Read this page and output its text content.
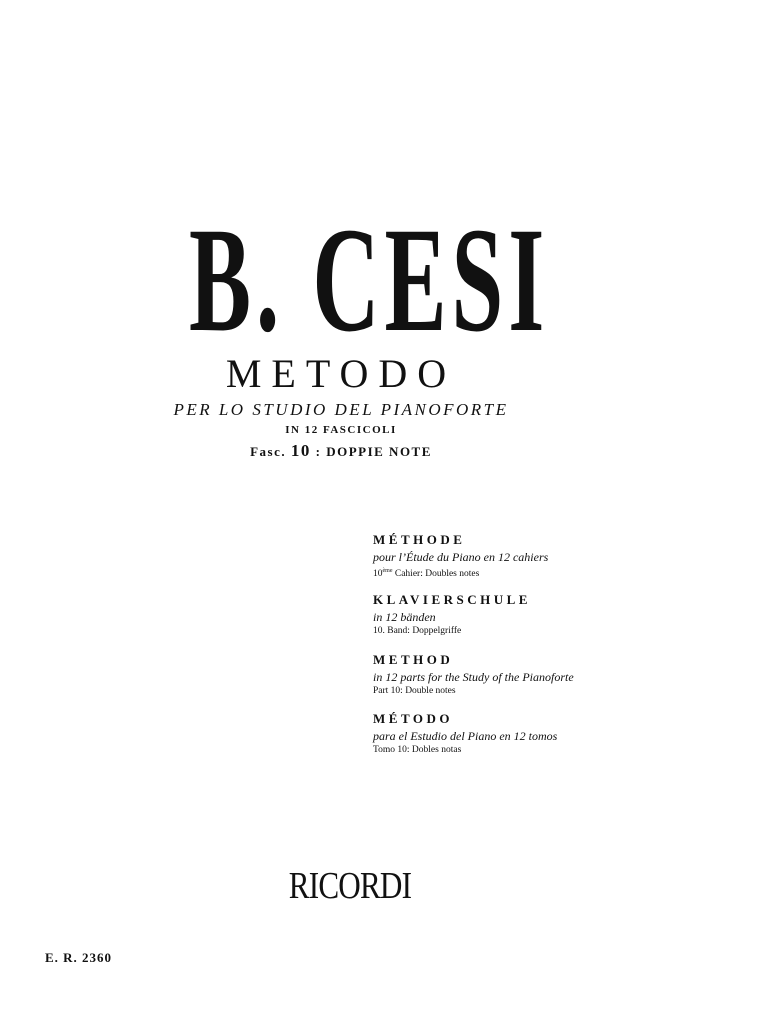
B. CESI
METODO
PER LO STUDIO DEL PIANOFORTE
IN 12 FASCICOLI
Fasc. 10 : DOPPIE NOTE
MÉTHODE
pour l’Étude du Piano en 12 cahiers
10ème Cahier: Doubles notes
KLAVIERSCHULE
in 12 bänden
10. Band: Doppelgriffe
METHOD
in 12 parts for the Study of the Pianoforte
Part 10: Double notes
MÉTODO
para el Estudio del Piano en 12 tomos
Tomo 10: Dobles notas
RICORDI
E. R. 2360
